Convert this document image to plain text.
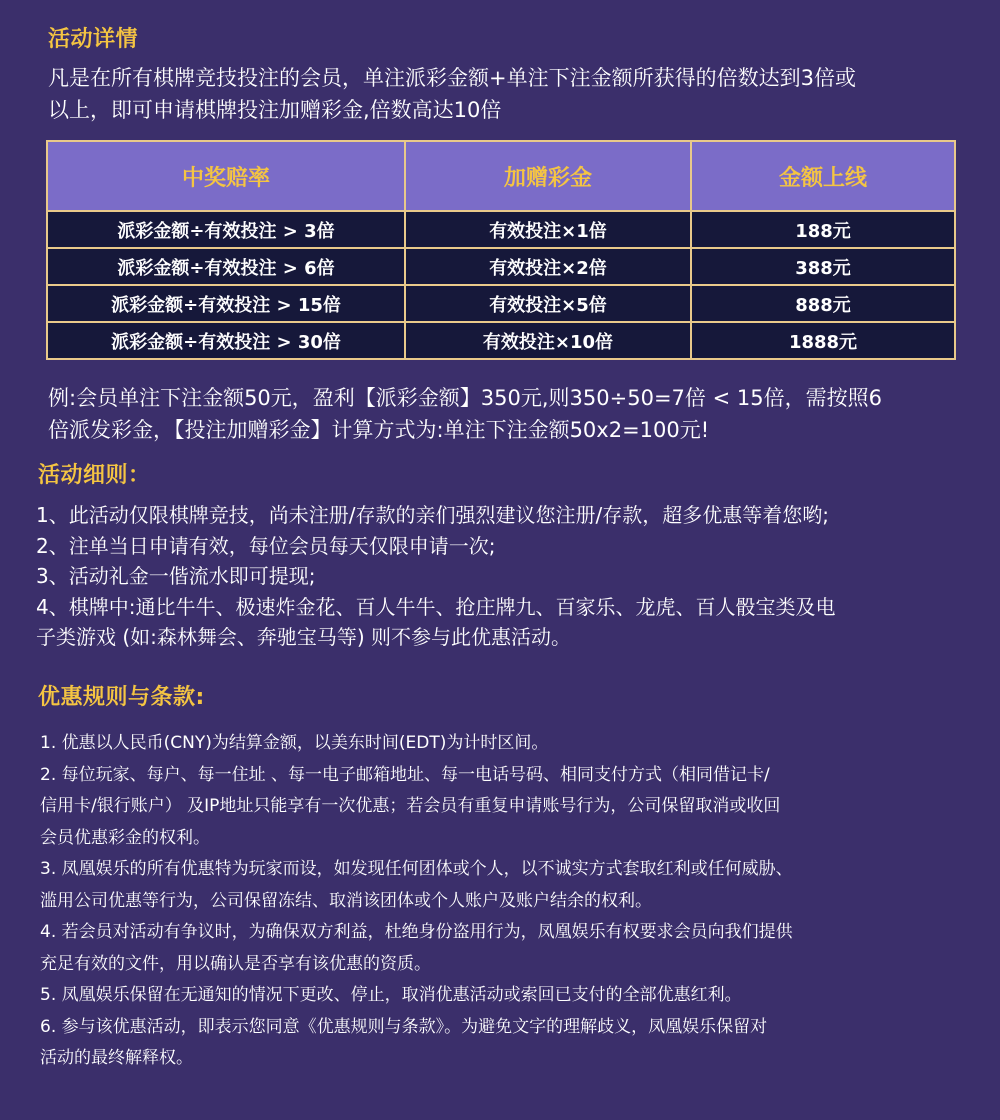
活动详情
凡是在所有棋牌竞技投注的会员，单注派彩金额+单注下注金额所获得的倍数达到3倍或
以上，即可申请棋牌投注加赠彩金,倍数高达10倍
中奖赔率	加赠彩金	金额上线
派彩金额÷有效投注 > 3倍	有效投注×1倍	188元
派彩金额÷有效投注 > 6倍	有效投注×2倍	388元
派彩金额÷有效投注 > 15倍	有效投注×5倍	888元
派彩金额÷有效投注 > 30倍	有效投注×10倍	1888元
例:会员单注下注金额50元，盈利【派彩金额】350元,则350÷50=7倍 < 15倍，需按照6
倍派发彩金，【投注加赠彩金】计算方式为:单注下注金额50x2=100元!
活动细则：
1、此活动仅限棋牌竞技，尚未注册/存款的亲们强烈建议您注册/存款，超多优惠等着您哟;
2、注单当日申请有效，每位会员每天仅限申请一次;
3、活动礼金一偕流水即可提现;
4、棋牌中:通比牛牛、极速炸金花、百人牛牛、抢庄牌九、百家乐、龙虎、百人骰宝类及电
子类游戏 (如:森林舞会、奔驰宝马等) 则不参与此优惠活动。
优惠规则与条款:
1. 优惠以人民币(CNY)为结算金额，以美东时间(EDT)为计时区间。
2. 每位玩家、每户、每一住址 、每一电子邮箱地址、每一电话号码、相同支付方式（相同借记卡/
信用卡/银行账户） 及IP地址只能享有一次优惠；若会员有重复申请账号行为，公司保留取消或收回
会员优惠彩金的权利。
3. 凤凰娱乐的所有优惠特为玩家而设，如发现任何团体或个人，以不诚实方式套取红利或任何威胁、
滥用公司优惠等行为，公司保留冻结、取消该团体或个人账户及账户结余的权利。
4. 若会员对活动有争议时，为确保双方利益，杜绝身份盗用行为，凤凰娱乐有权要求会员向我们提供
充足有效的文件，用以确认是否享有该优惠的资质。
5. 凤凰娱乐保留在无通知的情况下更改、停止，取消优惠活动或索回已支付的全部优惠红利。
6. 参与该优惠活动，即表示您同意《优惠规则与条款》。为避免文字的理解歧义，凤凰娱乐保留对
活动的最终解释权。
